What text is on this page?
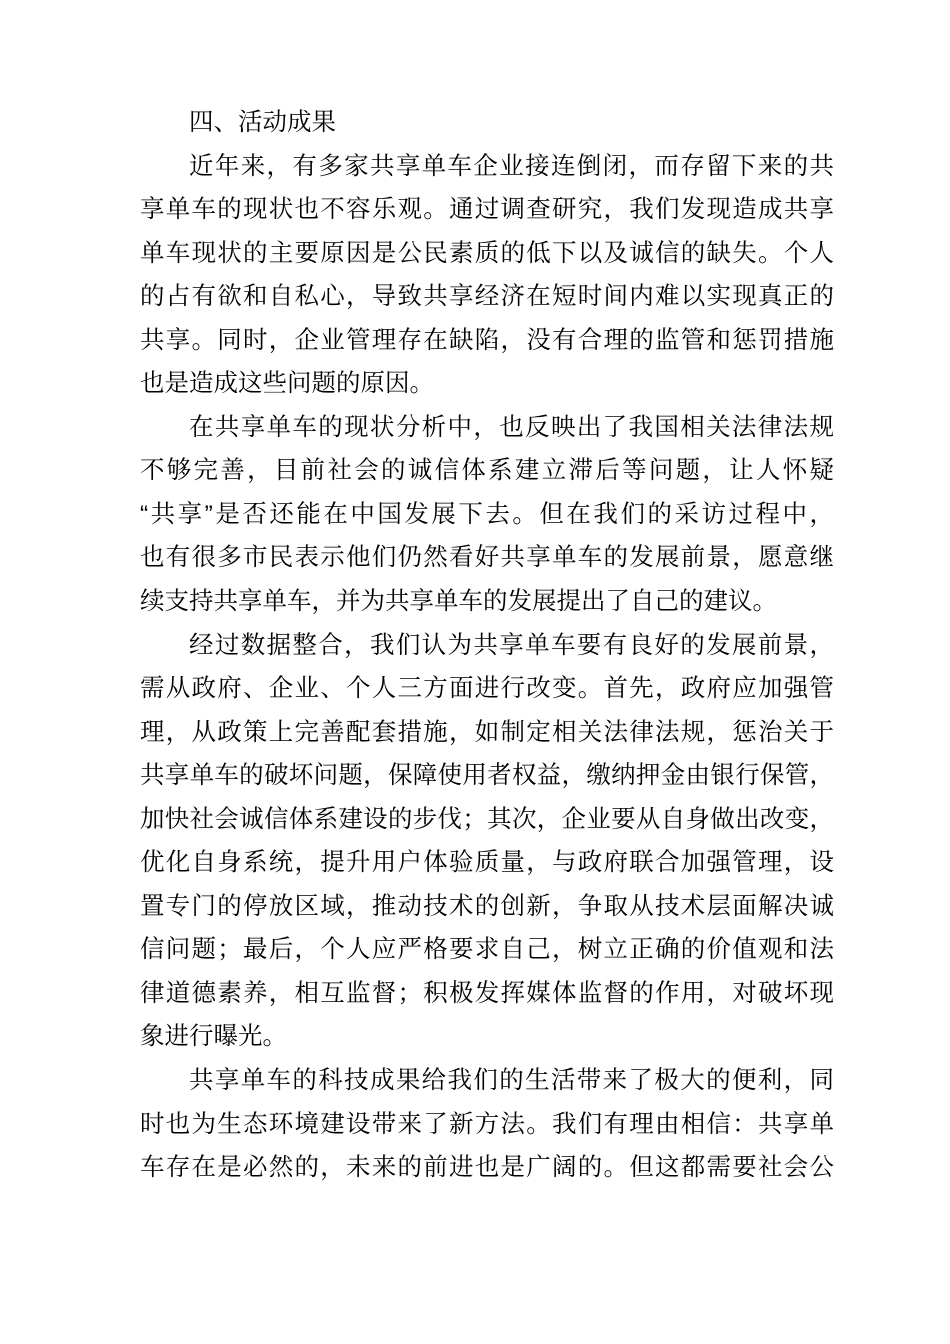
四、活动成果
近年来，有多家共享单车企业接连倒闭，而存留下来的共
享单车的现状也不容乐观。通过调查研究，我们发现造成共享
单车现状的主要原因是公民素质的低下以及诚信的缺失。个人
的占有欲和自私心，导致共享经济在短时间内难以实现真正的
共享。同时，企业管理存在缺陷，没有合理的监管和惩罚措施
也是造成这些问题的原因。
在共享单车的现状分析中，也反映出了我国相关法律法规
不够完善，目前社会的诚信体系建立滞后等问题，让人怀疑
“共享”是否还能在中国发展下去。但在我们的采访过程中，
也有很多市民表示他们仍然看好共享单车的发展前景，愿意继
续支持共享单车，并为共享单车的发展提出了自己的建议。
经过数据整合，我们认为共享单车要有良好的发展前景，
需从政府、企业、个人三方面进行改变。首先，政府应加强管
理，从政策上完善配套措施，如制定相关法律法规，惩治关于
共享单车的破坏问题，保障使用者权益，缴纳押金由银行保管，
加快社会诚信体系建设的步伐；其次，企业要从自身做出改变，
优化自身系统，提升用户体验质量，与政府联合加强管理，设
置专门的停放区域，推动技术的创新，争取从技术层面解决诚
信问题；最后，个人应严格要求自己，树立正确的价值观和法
律道德素养，相互监督；积极发挥媒体监督的作用，对破坏现
象进行曝光。
共享单车的科技成果给我们的生活带来了极大的便利，同
时也为生态环境建设带来了新方法。我们有理由相信：共享单
车存在是必然的，未来的前进也是广阔的。但这都需要社会公
